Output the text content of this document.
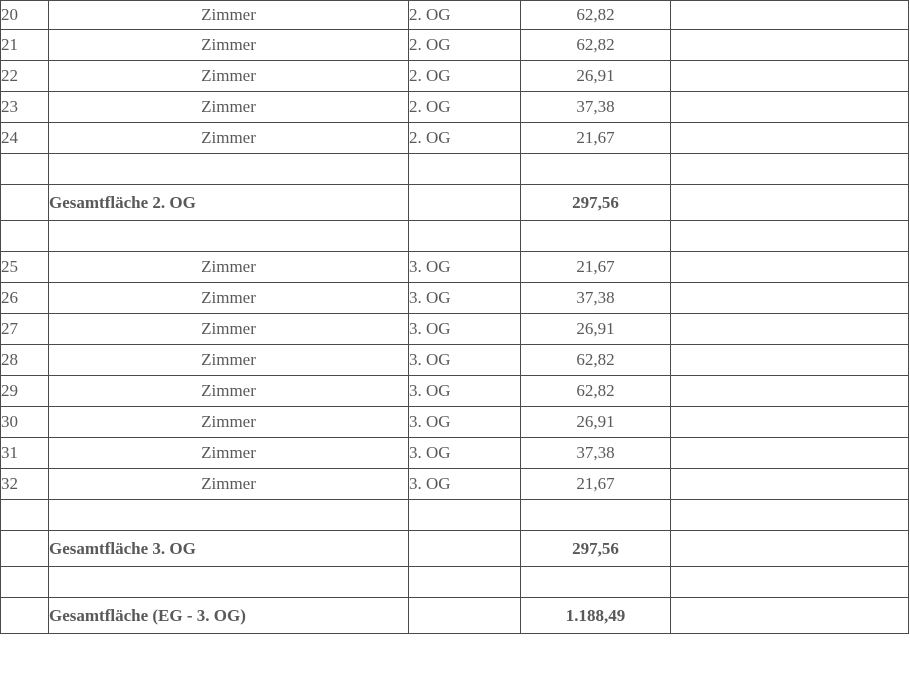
20	Zimmer	2. OG	62,82	
21	Zimmer	2. OG	62,82	
22	Zimmer	2. OG	26,91	
23	Zimmer	2. OG	37,38	
24	Zimmer	2. OG	21,67	

	Gesamtfläche 2. OG		297,56	

25	Zimmer	3. OG	21,67	
26	Zimmer	3. OG	37,38	
27	Zimmer	3. OG	26,91	
28	Zimmer	3. OG	62,82	
29	Zimmer	3. OG	62,82	
30	Zimmer	3. OG	26,91	
31	Zimmer	3. OG	37,38	
32	Zimmer	3. OG	21,67	

	Gesamtfläche 3. OG		297,56	

	Gesamtfläche (EG - 3. OG)		1.188,49	
